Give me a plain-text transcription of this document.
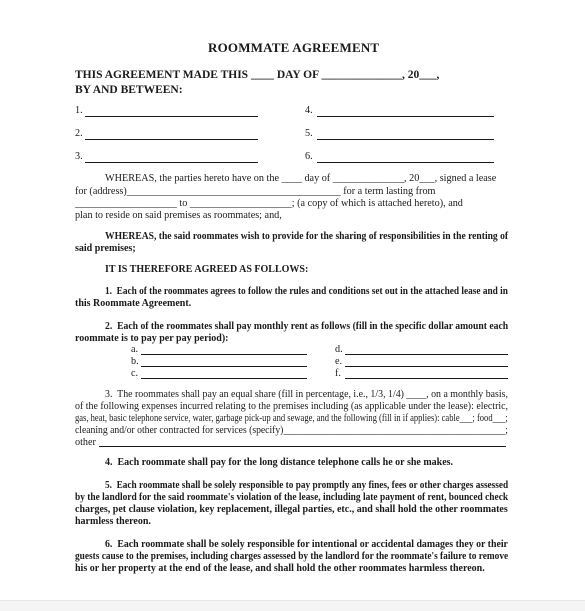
ROOMMATE AGREEMENT
THIS AGREEMENT MADE THIS ____ DAY OF ______________, 20___,
BY AND BETWEEN:
1.
2.
3.
4.
5.
6.
WHEREAS, the parties hereto have on the ____ day of ______________, 20___, signed a lease
for (address)__________________________________________ for a term lasting from
____________________ to ____________________; (a copy of which is attached hereto), and
plan to reside on said premises as roommates; and,
WHEREAS, the said roommates wish to provide for the sharing of responsibilities in the renting of
said premises;
IT IS THEREFORE AGREED AS FOLLOWS:
1.  Each of the roommates agrees to follow the rules and conditions set out in the attached lease and in
this Roommate Agreement.
2.  Each of the roommates shall pay monthly rent as follows (fill in the specific dollar amount each
roommate is to pay per pay period):
a.
b.
c.
d.
e.
f.
3.  The roommates shall pay an equal share (fill in percentage, i.e., 1/3, 1/4) ____, on a monthly basis,
of the following expenses incurred relating to the premises including (as applicable under the lease): electric,
gas, heat, basic telephone service, water, garbage pick-up and sewage, and the following (fill in if applies): cable___; food___;
cleaning and/or other contracted for services (specify)______________________________________________;
other
4.  Each roommate shall pay for the long distance telephone calls he or she makes.
5.  Each roommate shall be solely responsible to pay promptly any fines, fees or other charges assessed
by the landlord for the said roommate's violation of the lease, including late payment of rent, bounced check
charges, pet clause violation, key replacement, illegal parties, etc., and shall hold the other roommates
harmless thereon.
6.  Each roommate shall be solely responsible for intentional or accidental damages they or their
guests cause to the premises, including charges assessed by the landlord for the roommate's failure to remove
his or her property at the end of the lease, and shall hold the other roommates harmless thereon.
